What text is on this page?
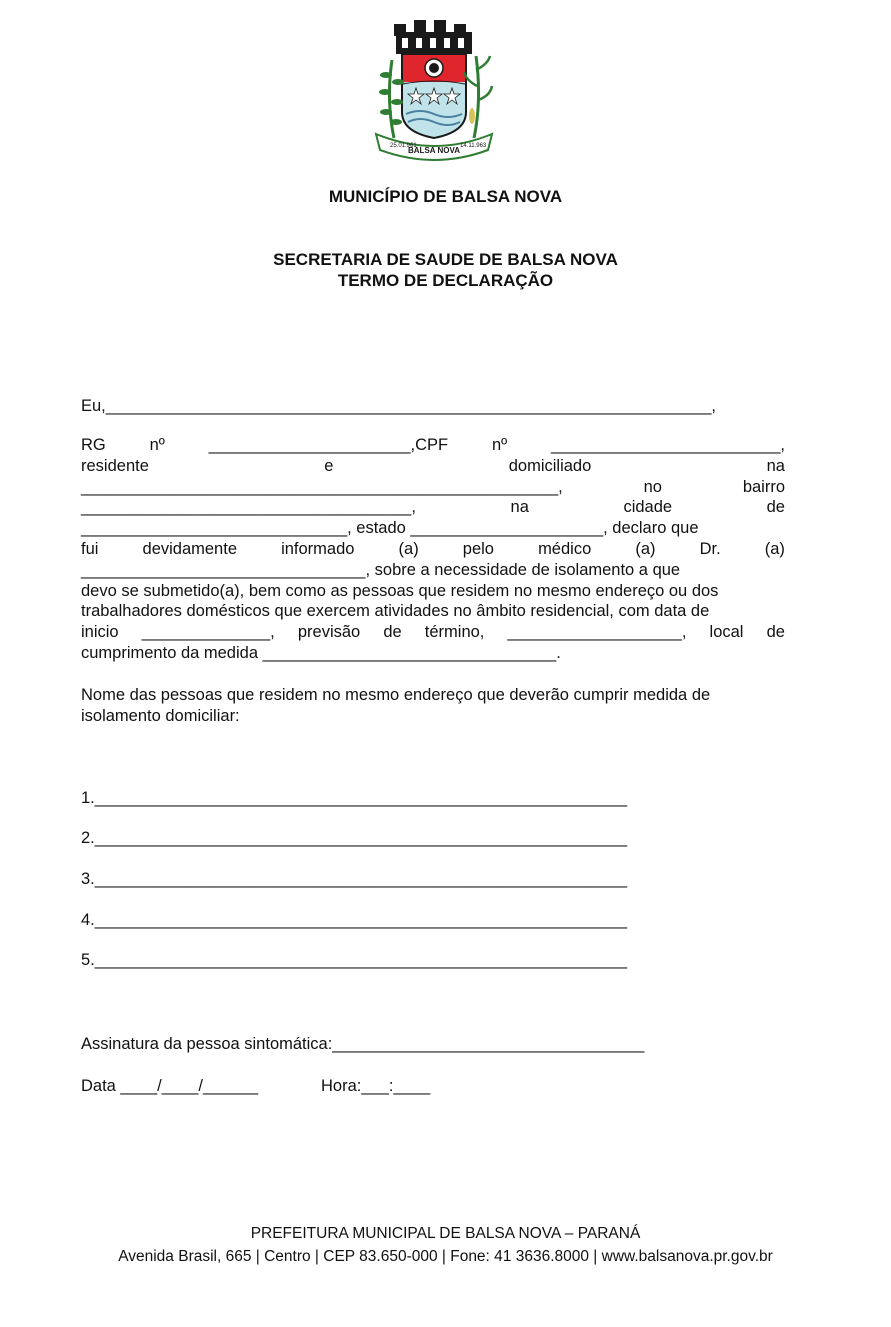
25.01.961
BALSA NOVA 14.11.963
MUNICÍPIO DE BALSA NOVA
SECRETARIA DE SAUDE DE BALSA NOVA
TERMO DE DECLARAÇÃO
Eu,__________________________________________________________________,
RG	nº	______________________,CPF	nº	_________________________,
residente	e	domiciliado	na
____________________________________________________,	no	bairro
____________________________________,	na	cidade	de
_____________________________, estado _____________________, declaro que
fui	devidamente	informado	(a)	pelo	médico	(a)	Dr.	(a)
_______________________________, sobre a necessidade de isolamento a que
devo se submetido(a), bem como as pessoas que residem no mesmo endereço ou dos
trabalhadores domésticos que exercem atividades no âmbito residencial, com data de
inicio ______________, previsão de término, ___________________, local de
cumprimento da medida ________________________________.
Nome das pessoas que residem no mesmo endereço que deverão cumprir medida de
isolamento domiciliar:
1.__________________________________________________________
2.__________________________________________________________
3.__________________________________________________________
4.__________________________________________________________
5.__________________________________________________________
Assinatura da pessoa sintomática:__________________________________
Data ____/____/______	Hora:___:____
PREFEITURA MUNICIPAL DE BALSA NOVA – PARANÁ
Avenida Brasil, 665 | Centro | CEP 83.650-000 | Fone: 41 3636.8000 | www.balsanova.pr.gov.br
